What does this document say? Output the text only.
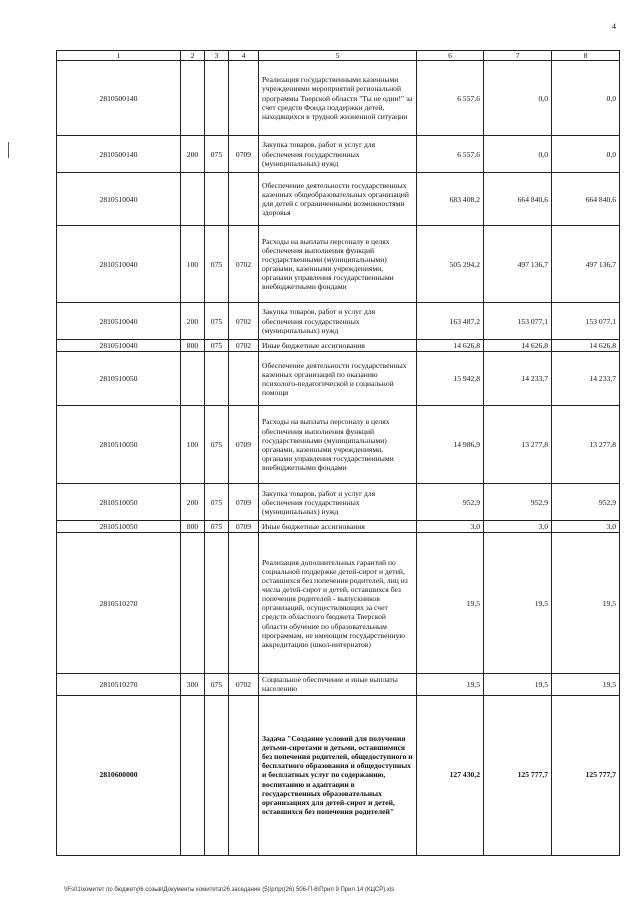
4
1	2	3	4	5	6	7	8
2810500140				Реализация государственными казенными учреждениями мероприятий региональной программы Тверской области "Ты не один!" за счет средств Фонда поддержки детей, находящихся в трудной жизненной ситуации	6 557,6	0,0	0,0
2810500140	200	075	0709	Закупка товаров, работ и услуг для обеспечения государственных (муниципальных) нужд	6 557,6	0,0	0,0
2810510040				Обеспечение деятельности государственных казенных общеобразовательных организаций для детей с ограниченными возможностями здоровья	683 408,2	664 840,6	664 840,6
2810510040	100	075	0702	Расходы на выплаты персоналу в целях обеспечения выполнения функций государственными (муниципальными) органами, казенными учреждениями, органами управления государственными внебюджетными фондами	505 294,2	497 136,7	497 136,7
2810510040	200	075	0702	Закупка товаров, работ и услуг для обеспечения государственных (муниципальных) нужд	163 487,2	153 077,1	153 077,1
2810510040	800	075	0702	Иные бюджетные ассигнования	14 626,8	14 626,8	14 626,8
2810510050				Обеспечение деятельности государственных казенных организаций по оказанию психолого-педагогической и социальной помощи	15 942,8	14 233,7	14 233,7
2810510050	100	075	0709	Расходы на выплаты персоналу в целях обеспечения выполнения функций государственными (муниципальными) органами, казенными учреждениями, органами управления государственными внебюджетными фондами	14 986,9	13 277,8	13 277,8
2810510050	200	075	0709	Закупка товаров, работ и услуг для обеспечения государственных (муниципальных) нужд	952,9	952,9	952,9
2810510050	800	075	0709	Иные бюджетные ассигнования	3,0	3,0	3,0
2810510270				Реализация дополнительных гарантий по социальной поддержке детей-сирот и детей, оставшихся без попечения родителей, лиц из числа детей-сирот и детей, оставшихся без попечения родителей - выпускников организаций, осуществляющих за счет средств областного бюджета Тверской области обучение по образовательным программам, не имеющим государственную аккредитацию (школ-интернатов)	19,5	19,5	19,5
2810510270	300	075	0702	Социальное обеспечение и иные выплаты населению	19,5	19,5	19,5
2810600000				Задача "Создание условий для получения детьми-сиротами и детьми, оставшимися без попечения родителей, общедоступного и бесплатного образования и общедоступных и бесплатных услуг по содержанию, воспитанию и адаптации в государственных образовательных организациях для детей-сирот и детей, оставшихся без попечения родителей"	127 430,2	125 777,7	125 777,7
\\Fs01\комитет по бюджету\6 созыв\Документы комитета\26 заседание (5)\pr\pr(26) 506-П-6\Прил 9 Прил 14 (КЦСР).xls
